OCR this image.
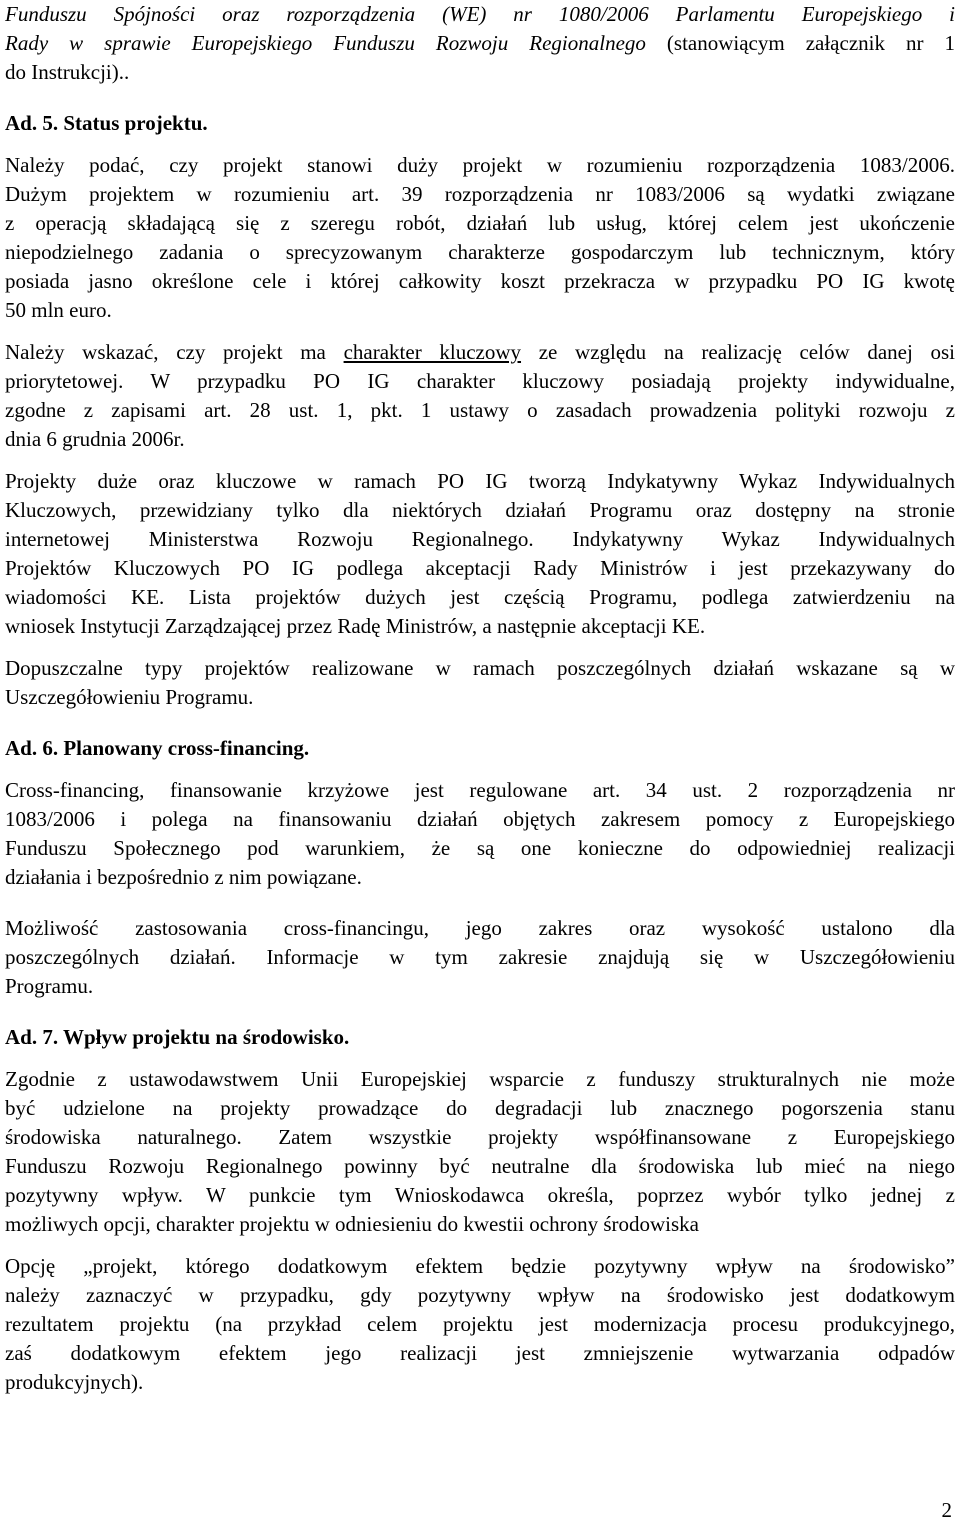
Funduszu Spójności oraz rozporządzenia (WE) nr 1080/2006 Parlamentu Europejskiego i
Rady w sprawie Europejskiego Funduszu Rozwoju Regionalnego (stanowiącym załącznik nr 1
do Instrukcji)..
Ad. 5. Status projektu.
Należy podać, czy projekt stanowi duży projekt w rozumieniu rozporządzenia 1083/2006.
Dużym projektem w rozumieniu art. 39 rozporządzenia nr 1083/2006 są wydatki związane
z operacją składającą się z szeregu robót, działań lub usług, której celem jest ukończenie
niepodzielnego zadania o sprecyzowanym charakterze gospodarczym lub technicznym, który
posiada jasno określone cele i której całkowity koszt przekracza w przypadku PO IG kwotę
50 mln euro.
Należy wskazać, czy projekt ma charakter kluczowy ze względu na realizację celów danej osi
priorytetowej. W przypadku PO IG charakter kluczowy posiadają projekty indywidualne,
zgodne z zapisami art. 28 ust. 1, pkt. 1 ustawy o zasadach prowadzenia polityki rozwoju z
dnia 6 grudnia 2006r.
Projekty duże oraz kluczowe w ramach PO IG tworzą Indykatywny Wykaz Indywidualnych
Kluczowych, przewidziany tylko dla niektórych działań Programu oraz dostępny na stronie
internetowej Ministerstwa Rozwoju Regionalnego. Indykatywny Wykaz Indywidualnych
Projektów Kluczowych PO IG podlega akceptacji Rady Ministrów i jest przekazywany do
wiadomości KE. Lista projektów dużych jest częścią Programu, podlega zatwierdzeniu na
wniosek Instytucji Zarządzającej przez Radę Ministrów, a następnie akceptacji KE.
Dopuszczalne typy projektów realizowane w ramach poszczególnych działań wskazane są w
Uszczegółowieniu Programu.
Ad. 6. Planowany cross-financing.
Cross-financing, finansowanie krzyżowe jest regulowane art. 34 ust. 2 rozporządzenia nr
1083/2006 i polega na finansowaniu działań objętych zakresem pomocy z Europejskiego
Funduszu Społecznego pod warunkiem, że są one konieczne do odpowiedniej realizacji
działania i bezpośrednio z nim powiązane.
Możliwość zastosowania cross-financingu, jego zakres oraz wysokość ustalono dla
poszczególnych działań. Informacje w tym zakresie znajdują się w Uszczegółowieniu
Programu.
Ad. 7. Wpływ projektu na środowisko.
Zgodnie z ustawodawstwem Unii Europejskiej wsparcie z funduszy strukturalnych nie może
być udzielone na projekty prowadzące do degradacji lub znacznego pogorszenia stanu
środowiska naturalnego. Zatem wszystkie projekty współfinansowane z Europejskiego
Funduszu Rozwoju Regionalnego powinny być neutralne dla środowiska lub mieć na niego
pozytywny wpływ. W punkcie tym Wnioskodawca określa, poprzez wybór tylko jednej z
możliwych opcji, charakter projektu w odniesieniu do kwestii ochrony środowiska
Opcję „projekt, którego dodatkowym efektem będzie pozytywny wpływ na środowisko”
należy zaznaczyć w przypadku, gdy pozytywny wpływ na środowisko jest dodatkowym
rezultatem projektu (na przykład celem projektu jest modernizacja procesu produkcyjnego,
zaś dodatkowym efektem jego realizacji jest zmniejszenie wytwarzania odpadów
produkcyjnych).
2
